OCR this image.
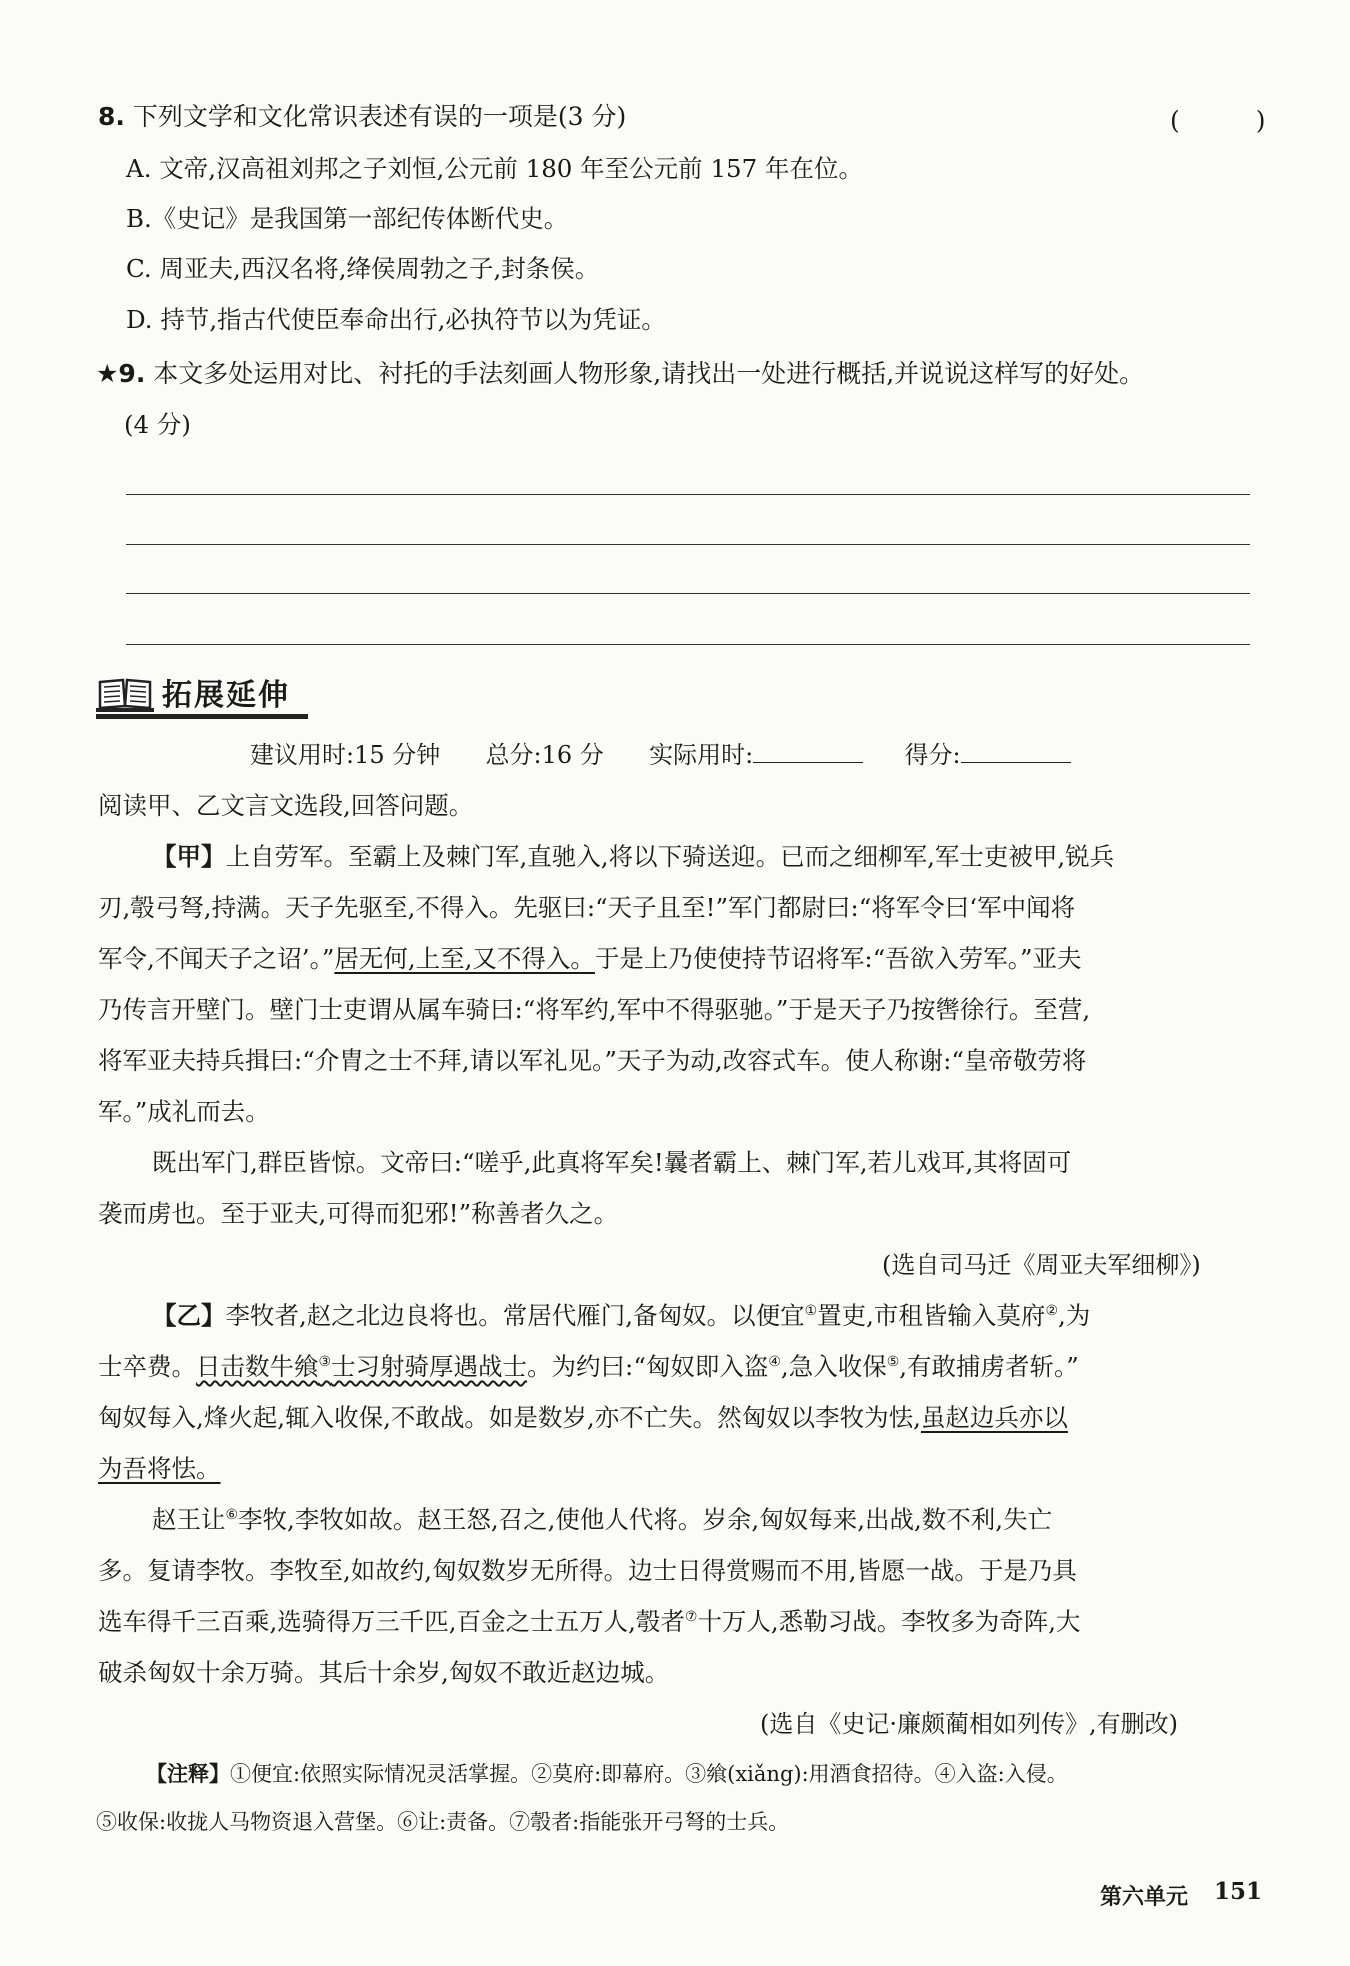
8. 下列文学和文化常识表述有误的一项是(3 分)	( )
A. 文帝,汉高祖刘邦之子刘恒,公元前 180 年至公元前 157 年在位。
B.《史记》是我国第一部纪传体断代史。
C. 周亚夫,西汉名将,绛侯周勃之子,封条侯。
D. 持节,指古代使臣奉命出行,必执符节以为凭证。
★9. 本文多处运用对比、衬托的手法刻画人物形象,请找出一处进行概括,并说说这样写的好处。
(4 分)
拓展延伸
建议用时:15 分钟 总分:16 分 实际用时:	得分:
阅读甲、乙文言文选段,回答问题。
【甲】上自劳军。至霸上及棘门军,直驰入,将以下骑送迎。已而之细柳军,军士吏被甲,锐兵
刃,彀弓弩,持满。天子先驱至,不得入。先驱曰:“天子且至!”军门都尉曰:“将军令曰‘军中闻将
军令,不闻天子之诏’。”居无何,上至,又不得入。于是上乃使使持节诏将军:“吾欲入劳军。”亚夫
乃传言开壁门。壁门士吏谓从属车骑曰:“将军约,军中不得驱驰。”于是天子乃按辔徐行。至营,
将军亚夫持兵揖曰:“介胄之士不拜,请以军礼见。”天子为动,改容式车。使人称谢:“皇帝敬劳将
军。”成礼而去。
既出军门,群臣皆惊。文帝曰:“嗟乎,此真将军矣!曩者霸上、棘门军,若儿戏耳,其将固可
袭而虏也。至于亚夫,可得而犯邪!”称善者久之。
(选自司马迁《周亚夫军细柳》)
【乙】李牧者,赵之北边良将也。常居代雁门,备匈奴。以便宜①置吏,市租皆输入莫府②,为
士卒费。日击数牛飨③士习射骑厚遇战士。为约曰:“匈奴即入盗④,急入收保⑤,有敢捕虏者斩。”
匈奴每入,烽火起,辄入收保,不敢战。如是数岁,亦不亡失。然匈奴以李牧为怯,虽赵边兵亦以
为吾将怯。
赵王让⑥李牧,李牧如故。赵王怒,召之,使他人代将。岁余,匈奴每来,出战,数不利,失亡
多。复请李牧。李牧至,如故约,匈奴数岁无所得。边士日得赏赐而不用,皆愿一战。于是乃具
选车得千三百乘,选骑得万三千匹,百金之士五万人,彀者⑦十万人,悉勒习战。李牧多为奇阵,大
破杀匈奴十余万骑。其后十余岁,匈奴不敢近赵边城。
(选自《史记·廉颇蔺相如列传》,有删改)
【注释】①便宜:依照实际情况灵活掌握。②莫府:即幕府。③飨(xiǎng):用酒食招待。④入盗:入侵。
⑤收保:收拢人马物资退入营堡。⑥让:责备。⑦彀者:指能张开弓弩的士兵。
第六单元 151
